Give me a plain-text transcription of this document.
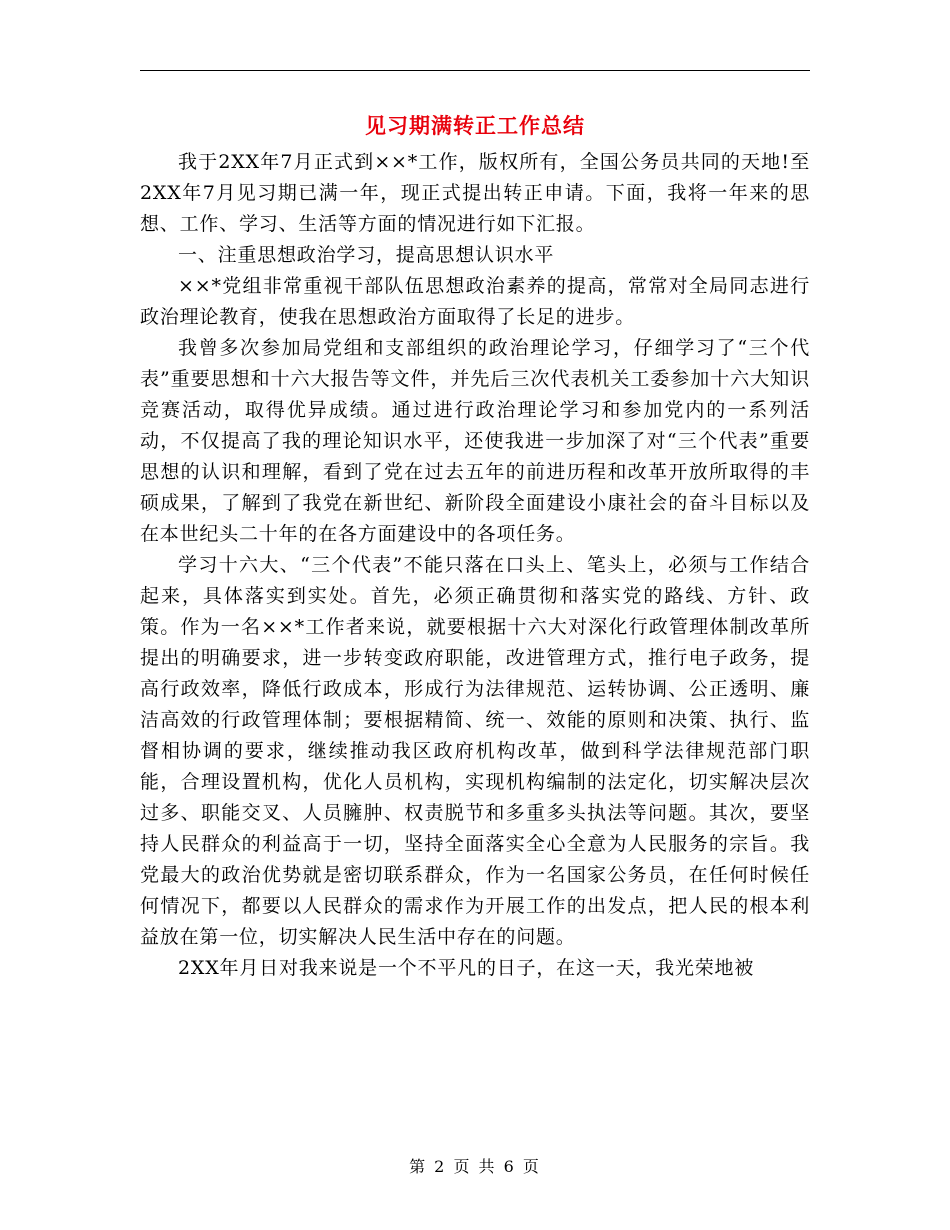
见习期满转正工作总结

我于2XX年7月正式到××*工作，版权所有，全国公务员共同的天地!至2XX年7月见习期已满一年，现正式提出转正申请。下面，我将一年来的思想、工作、学习、生活等方面的情况进行如下汇报。

一、注重思想政治学习，提高思想认识水平

××*党组非常重视干部队伍思想政治素养的提高，常常对全局同志进行政治理论教育，使我在思想政治方面取得了长足的进步。

我曾多次参加局党组和支部组织的政治理论学习，仔细学习了“三个代表”重要思想和十六大报告等文件，并先后三次代表机关工委参加十六大知识竞赛活动，取得优异成绩。通过进行政治理论学习和参加党内的一系列活动，不仅提高了我的理论知识水平，还使我进一步加深了对“三个代表”重要思想的认识和理解，看到了党在过去五年的前进历程和改革开放所取得的丰硕成果，了解到了我党在新世纪、新阶段全面建设小康社会的奋斗目标以及在本世纪头二十年的在各方面建设中的各项任务。

学习十六大、“三个代表”不能只落在口头上、笔头上，必须与工作结合起来，具体落实到实处。首先，必须正确贯彻和落实党的路线、方针、政策。作为一名××*工作者来说，就要根据十六大对深化行政管理体制改革所提出的明确要求，进一步转变政府职能，改进管理方式，推行电子政务，提高行政效率，降低行政成本，形成行为法律规范、运转协调、公正透明、廉洁高效的行政管理体制；要根据精简、统一、效能的原则和决策、执行、监督相协调的要求，继续推动我区政府机构改革，做到科学法律规范部门职能，合理设置机构，优化人员机构，实现机构编制的法定化，切实解决层次过多、职能交叉、人员臃肿、权责脱节和多重多头执法等问题。其次，要坚持人民群众的利益高于一切，坚持全面落实全心全意为人民服务的宗旨。我党最大的政治优势就是密切联系群众，作为一名国家公务员，在任何时候任何情况下，都要以人民群众的需求作为开展工作的出发点，把人民的根本利益放在第一位，切实解决人民生活中存在的问题。

2XX年月日对我来说是一个不平凡的日子，在这一天，我光荣地被

第 2 页 共 6 页
